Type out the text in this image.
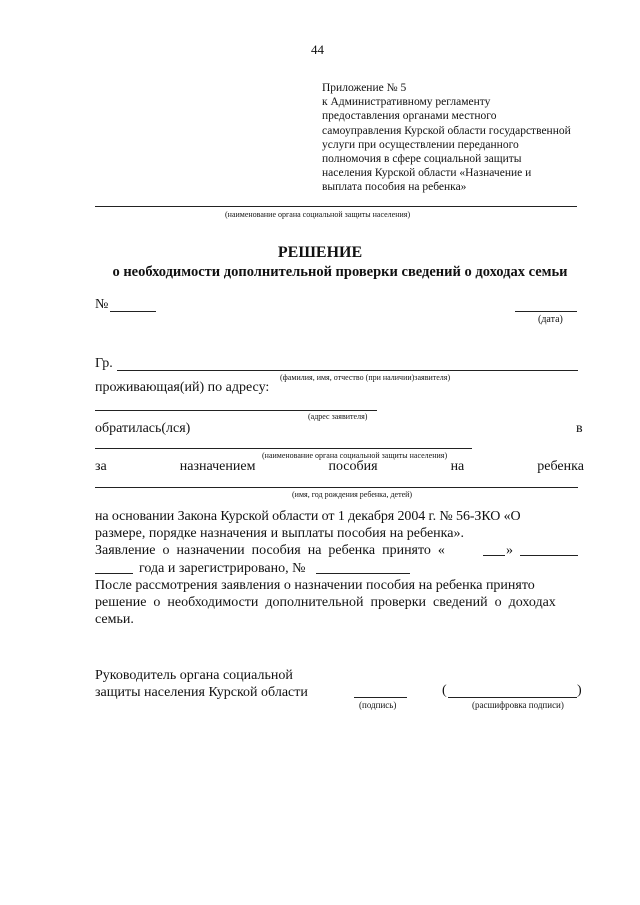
44
Приложение № 5
к Административному регламенту
предоставления органами местного
самоуправления Курской области государственной
услуги при осуществлении переданного
полномочия в сфере социальной защиты
населения Курской области «Назначение и
выплата пособия на ребенка»
(наименование органа социальной защиты населения)
РЕШЕНИЕ
о необходимости дополнительной проверки сведений о доходах семьи
№
(дата)
Гр.
(фамилия, имя, отчество (при наличии)заявителя)
проживающая(ий) по адресу:
(адрес заявителя)
обратилась(лся)	в
(наименование органа социальной защиты населения)
за	назначением	пособия	на	ребенка
(имя, год рождения ребенка, детей)
на основании Закона Курской области от 1 декабря 2004 г. № 56-ЗКО «О
размере, порядке назначения и выплаты пособия на ребенка».
Заявление  о  назначении  пособия  на  ребенка  принято  «	»
года и зарегистрировано, №
После рассмотрения заявления о назначении пособия на ребенка принято
решение  о  необходимости  дополнительной  проверки  сведений  о  доходах
семьи.
Руководитель органа социальной
защиты населения Курской области
(подпись)
(	)
(расшифровка подписи)
